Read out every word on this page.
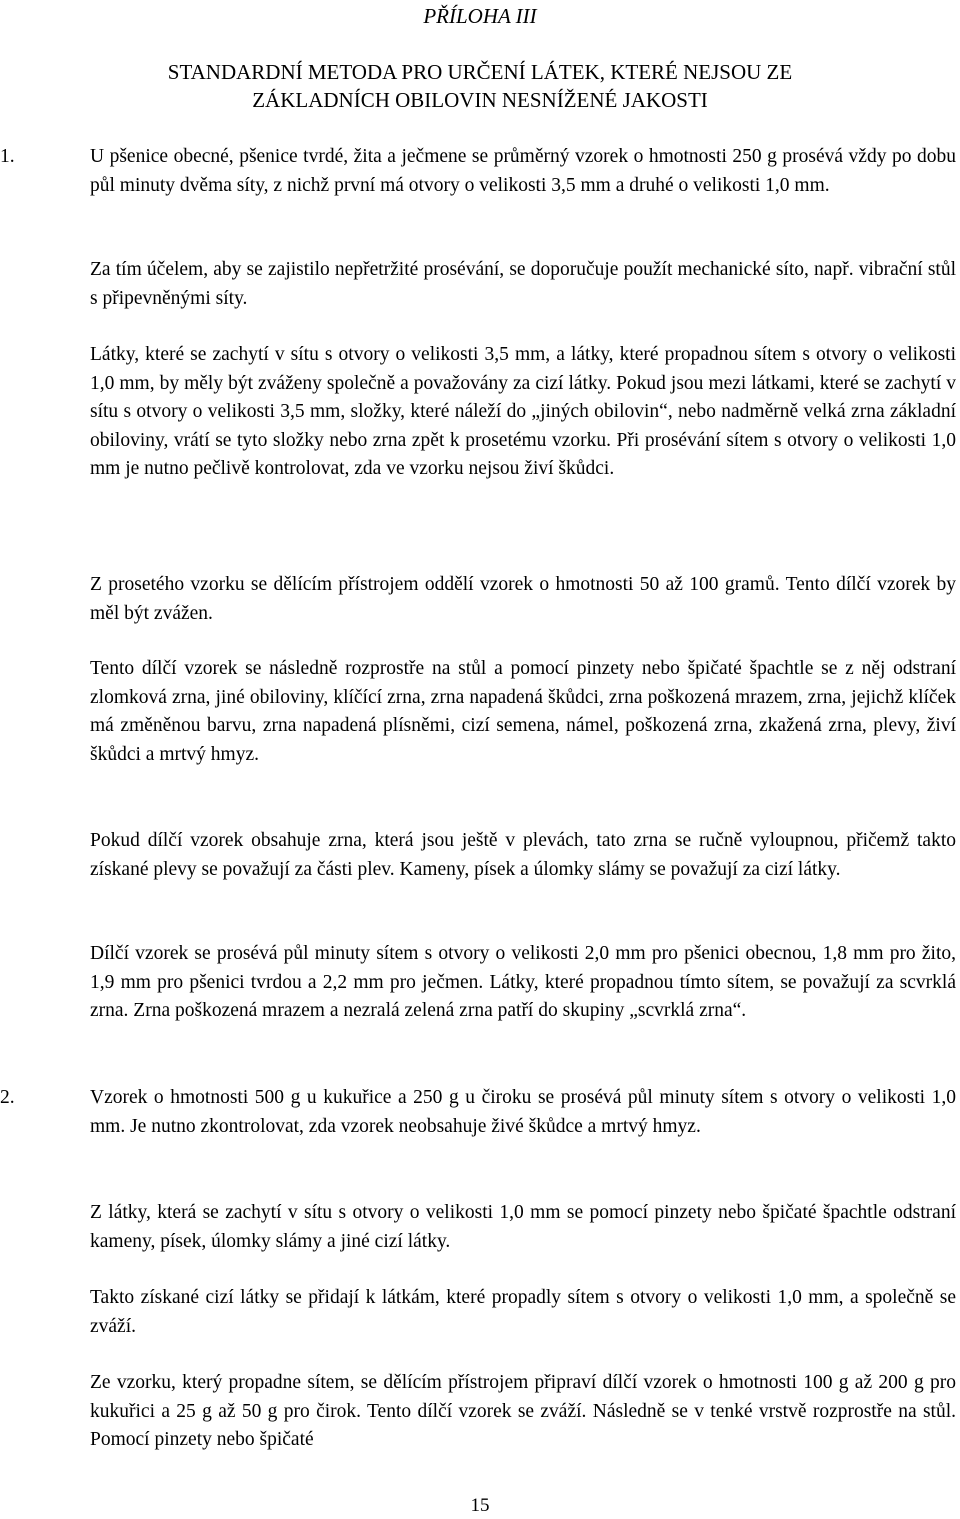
PŘÍLOHA III
STANDARDNÍ METODA PRO URČENÍ LÁTEK, KTERÉ NEJSOU ZE
ZÁKLADNÍCH OBILOVIN NESNÍŽENÉ JAKOSTI
1.	U pšenice obecné, pšenice tvrdé, žita a ječmene se průměrný vzorek o hmotnosti 250 g prosévá vždy po dobu půl minuty dvěma síty, z nichž první má otvory o velikosti 3,5 mm a druhé o velikosti 1,0 mm.

Za tím účelem, aby se zajistilo nepřetržité prosévání, se doporučuje použít mechanické síto, např. vibrační stůl s připevněnými síty.

Látky, které se zachytí v sítu s otvory o velikosti 3,5 mm, a látky, které propadnou sítem s otvory o velikosti 1,0 mm, by měly být zváženy společně a považovány za cizí látky. Pokud jsou mezi látkami, které se zachytí v sítu s otvory o velikosti 3,5 mm, složky, které náleží do „jiných obilovin“, nebo nadměrně velká zrna základní obiloviny, vrátí se tyto složky nebo zrna zpět k prosetému vzorku. Při prosévání sítem s otvory o velikosti 1,0 mm je nutno pečlivě kontrolovat, zda ve vzorku nejsou živí škůdci.

Z prosetého vzorku se dělícím přístrojem oddělí vzorek o hmotnosti 50 až 100 gramů. Tento dílčí vzorek by měl být zvážen.

Tento dílčí vzorek se následně rozprostře na stůl a pomocí pinzety nebo špičaté špachtle se z něj odstraní zlomková zrna, jiné obiloviny, klíčící zrna, zrna napadená škůdci, zrna poškozená mrazem, zrna, jejichž klíček má změněnou barvu, zrna napadená plísněmi, cizí semena, námel, poškozená zrna, zkažená zrna, plevy, živí škůdci a mrtvý hmyz.

Pokud dílčí vzorek obsahuje zrna, která jsou ještě v plevách, tato zrna se ručně vyloupnou, přičemž takto získané plevy se považují za části plev. Kameny, písek a úlomky slámy se považují za cizí látky.

Dílčí vzorek se prosévá půl minuty sítem s otvory o velikosti 2,0 mm pro pšenici obecnou, 1,8 mm pro žito, 1,9 mm pro pšenici tvrdou a 2,2 mm pro ječmen. Látky, které propadnou tímto sítem, se považují za scvrklá zrna. Zrna poškozená mrazem a nezralá zelená zrna patří do skupiny „scvrklá zrna“.

2.	Vzorek o hmotnosti 500 g u kukuřice a 250 g u čiroku se prosévá půl minuty sítem s otvory o velikosti 1,0 mm. Je nutno zkontrolovat, zda vzorek neobsahuje živé škůdce a mrtvý hmyz.

Z látky, která se zachytí v sítu s otvory o velikosti 1,0 mm se pomocí pinzety nebo špičaté špachtle odstraní kameny, písek, úlomky slámy a jiné cizí látky.

Takto získané cizí látky se přidají k látkám, které propadly sítem s otvory o velikosti 1,0 mm, a společně se zváží.

Ze vzorku, který propadne sítem, se dělícím přístrojem připraví dílčí vzorek o hmotnosti 100 g až 200 g pro kukuřici a 25 g až 50 g pro čirok. Tento dílčí vzorek se zváží. Následně se v tenké vrstvě rozprostře na stůl. Pomocí pinzety nebo špičaté

15
